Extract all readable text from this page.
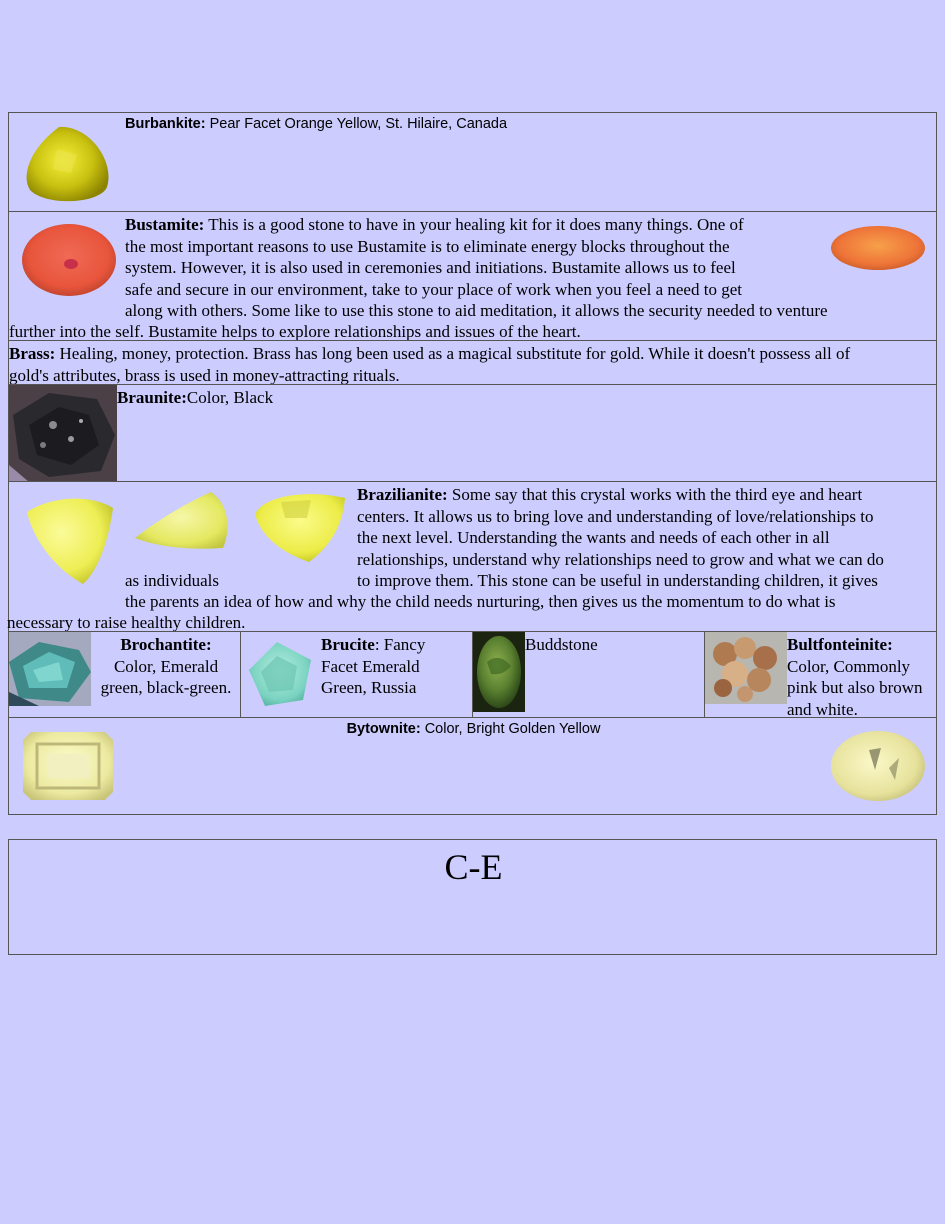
Burbankite: Pear Facet Orange Yellow, St. Hilaire, Canada
Bustamite: This is a good stone to have in your healing kit for it does many things. One of
the most important reasons to use Bustamite is to eliminate energy blocks throughout the
system. However, it is also used in ceremonies and initiations. Bustamite allows us to feel
safe and secure in our environment, take to your place of work when you feel a need to get
along with others. Some like to use this stone to aid meditation, it allows the security needed to venture
further into the self. Bustamite helps to explore relationships and issues of the heart.
Brass: Healing, money, protection. Brass has long been used as a magical substitute for gold. While it doesn't possess all of
gold's attributes, brass is used in money-attracting rituals.
Braunite:Color, Black
Brazilianite: Some say that this crystal works with the third eye and heart
centers. It allows us to bring love and understanding of love/relationships to
the next level. Understanding the wants and needs of each other in all
relationships, understand why relationships need to grow and what we can do
to improve them. This stone can be useful in understanding children, it gives
as individuals
the parents an idea of how and why the child needs nurturing, then gives us the momentum to do what is
necessary to raise healthy children.
Brochantite:
Color, Emerald
green, black-green.
Brucite: Fancy
Facet Emerald
Green, Russia
Buddstone	Bultfonteinite:
Color, Commonly
pink but also brown
and white.
Bytownite: Color, Bright Golden Yellow
C-E
